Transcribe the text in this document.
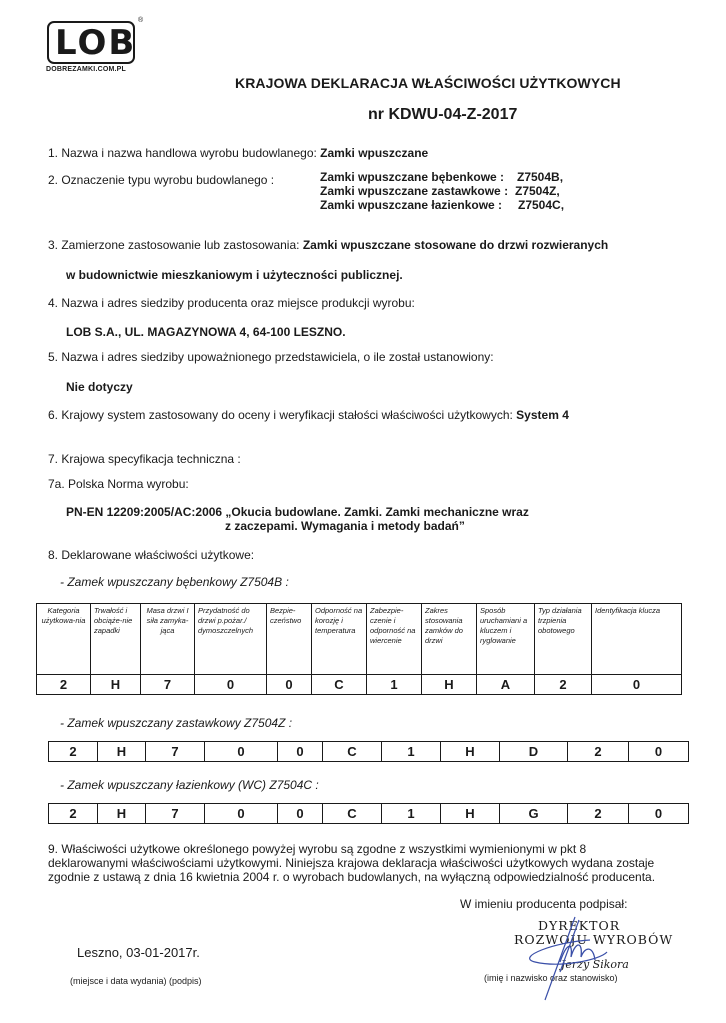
LOB
®
DOBREZAMKI.COM.PL
KRAJOWA DEKLARACJA WŁAŚCIWOŚCI UŻYTKOWYCH
nr KDWU-04-Z-2017
1. Nazwa i nazwa handlowa wyrobu budowlanego: Zamki wpuszczane
2. Oznaczenie typu wyrobu budowlanego :	Zamki wpuszczane bębenkowe : Z7504B,
Zamki wpuszczane zastawkowe : Z7504Z,
Zamki wpuszczane łazienkowe : Z7504C,
3. Zamierzone zastosowanie lub zastosowania: Zamki wpuszczane stosowane do drzwi rozwieranych
w budownictwie mieszkaniowym i użyteczności publicznej.
4. Nazwa i adres siedziby producenta oraz miejsce produkcji wyrobu:
LOB S.A., UL. MAGAZYNOWA 4, 64-100 LESZNO.
5. Nazwa i adres siedziby upoważnionego przedstawiciela, o ile został ustanowiony:
Nie dotyczy
6. Krajowy system zastosowany do oceny i weryfikacji stałości właściwości użytkowych: System 4
7. Krajowa specyfikacja techniczna :
7a. Polska Norma wyrobu:
PN-EN 12209:2005/AC:2006 „Okucia budowlane. Zamki. Zamki mechaniczne wraz
z zaczepami. Wymagania i metody badań”
8. Deklarowane właściwości użytkowe:
- Zamek wpuszczany bębenkowy Z7504B :
Kategoria użytkowa-nia	Trwałość i obciąże-nie zapadki	Masa drzwi I siła zamyka-jąca	Przydatność do drzwi p.pożar./ dymoszczelnych	Bezpie-czeństwo	Odporność na korozję i temperatura	Zabezpie-czenie i odporność na wiercenie	Zakres stosowania zamków do drzwi	Sposób uruchamiani a kluczem i ryglowanie	Typ działania trzpienia obotowego	Identyfikacja klucza
2	H	7	0	0	C	1	H	A	2	0
- Zamek wpuszczany zastawkowy Z7504Z :
2	H	7	0	0	C	1	H	D	2	0
- Zamek wpuszczany łazienkowy (WC) Z7504C :
2	H	7	0	0	C	1	H	G	2	0
9. Właściwości użytkowe określonego powyżej wyrobu są zgodne z wszystkimi wymienionymi w pkt 8
deklarowanymi właściwościami użytkowymi. Niniejsza krajowa deklaracja właściwości użytkowych wydana zostaje
zgodnie z ustawą z dnia 16 kwietnia 2004 r. o wyrobach budowlanych, na wyłączną odpowiedzialność producenta.
W imieniu producenta podpisał:
DYREKTOR
ROZWOJU WYROBÓW
Jerzy Sikora
(imię i nazwisko oraz stanowisko)
Leszno, 03-01-2017r.
(miejsce i data wydania) (podpis)
